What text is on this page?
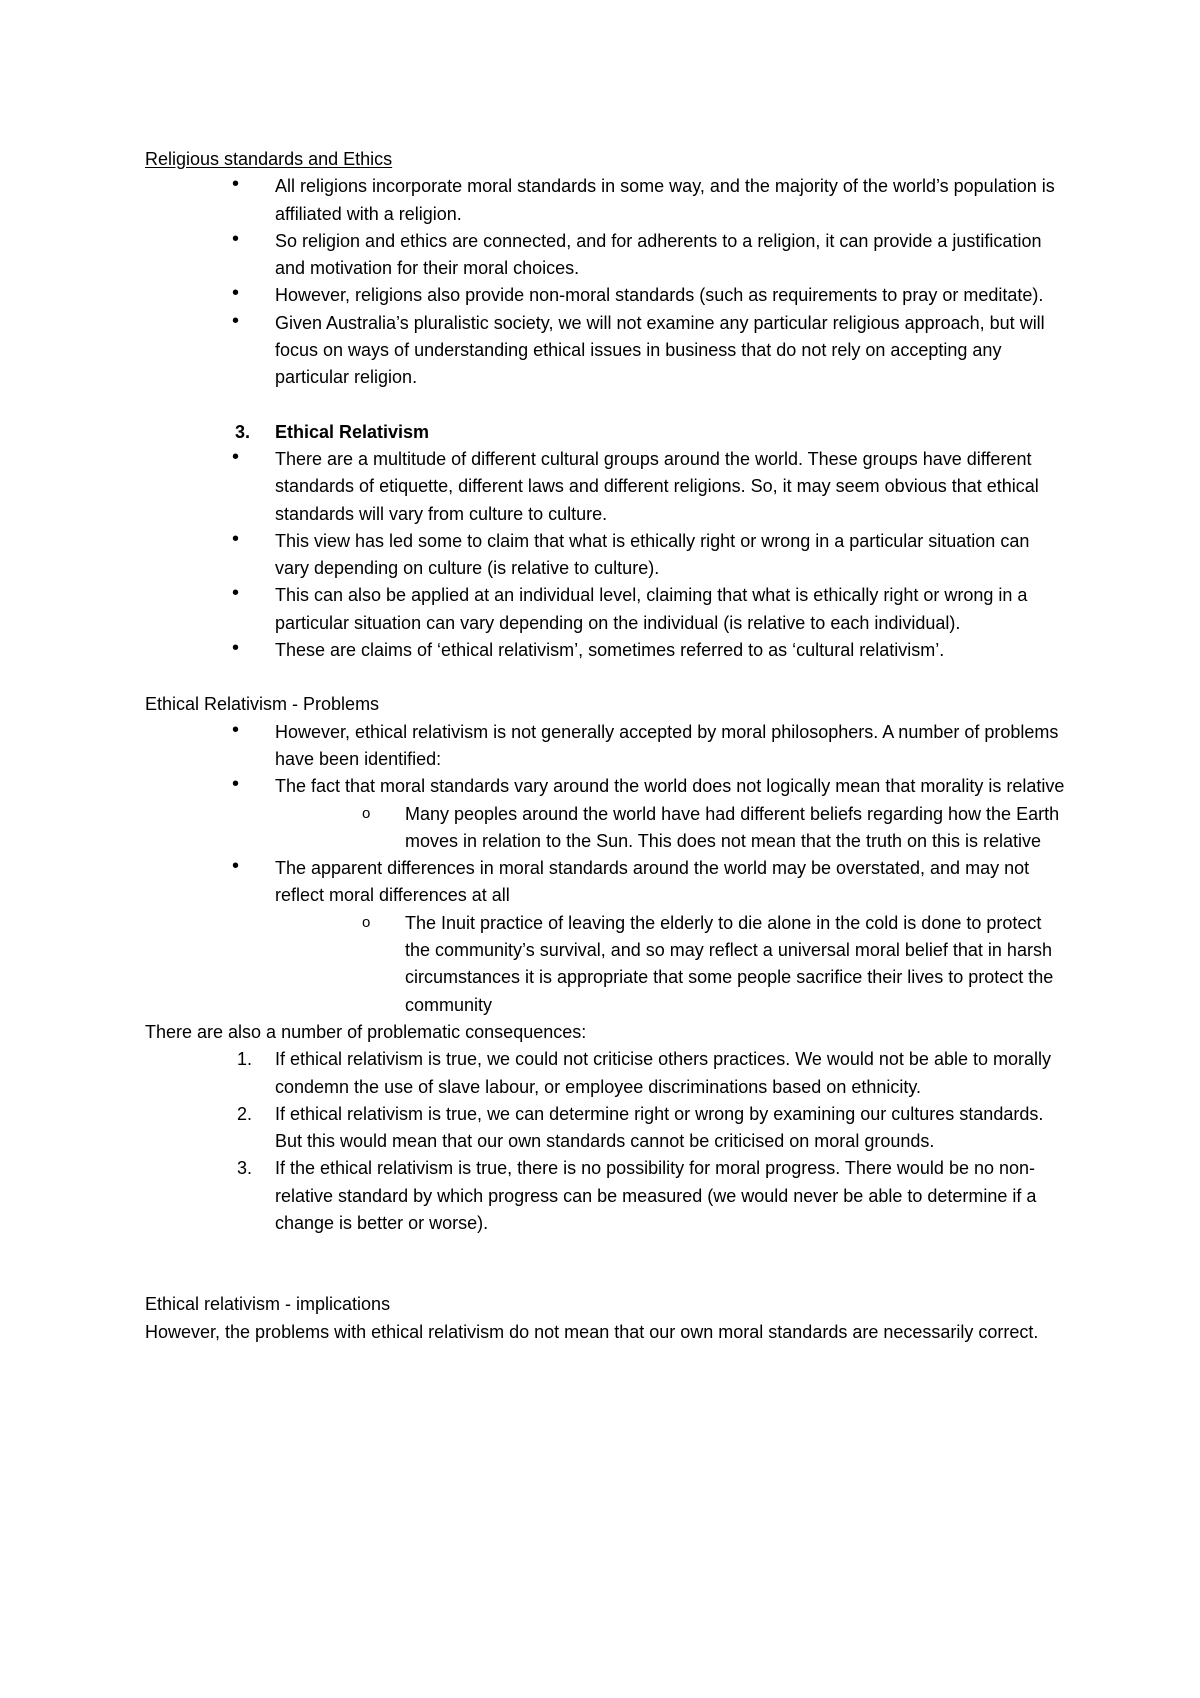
Religious standards and Ethics

• All religions incorporate moral standards in some way, and the majority of the world’s population is affiliated with a religion.
• So religion and ethics are connected, and for adherents to a religion, it can provide a justification and motivation for their moral choices.
• However, religions also provide non-moral standards (such as requirements to pray or meditate).
• Given Australia’s pluralistic society, we will not examine any particular religious approach, but will focus on ways of understanding ethical issues in business that do not rely on accepting any particular religion.

3.	Ethical Relativism

• There are a multitude of different cultural groups around the world. These groups have different standards of etiquette, different laws and different religions. So, it may seem obvious that ethical standards will vary from culture to culture.
• This view has led some to claim that what is ethically right or wrong in a particular situation can vary depending on culture (is relative to culture).
• This can also be applied at an individual level, claiming that what is ethically right or wrong in a particular situation can vary depending on the individual (is relative to each individual).
• These are claims of ‘ethical relativism’, sometimes referred to as ‘cultural relativism’.

Ethical Relativism - Problems

• However, ethical relativism is not generally accepted by moral philosophers. A number of problems have been identified:
• The fact that moral standards vary around the world does not logically mean that morality is relative
o Many peoples around the world have had different beliefs regarding how the Earth moves in relation to the Sun. This does not mean that the truth on this is relative
• The apparent differences in moral standards around the world may be overstated, and may not reflect moral differences at all
o The Inuit practice of leaving the elderly to die alone in the cold is done to protect the community’s survival, and so may reflect a universal moral belief that in harsh circumstances it is appropriate that some people sacrifice their lives to protect the community

There are also a number of problematic consequences:

1. If ethical relativism is true, we could not criticise others practices. We would not be able to morally condemn the use of slave labour, or employee discriminations based on ethnicity.
2. If ethical relativism is true, we can determine right or wrong by examining our cultures standards. But this would mean that our own standards cannot be criticised on moral grounds.
3. If the ethical relativism is true, there is no possibility for moral progress. There would be no non-relative standard by which progress can be measured (we would never be able to determine if a change is better or worse).

Ethical relativism - implications

However, the problems with ethical relativism do not mean that our own moral standards are necessarily correct.
